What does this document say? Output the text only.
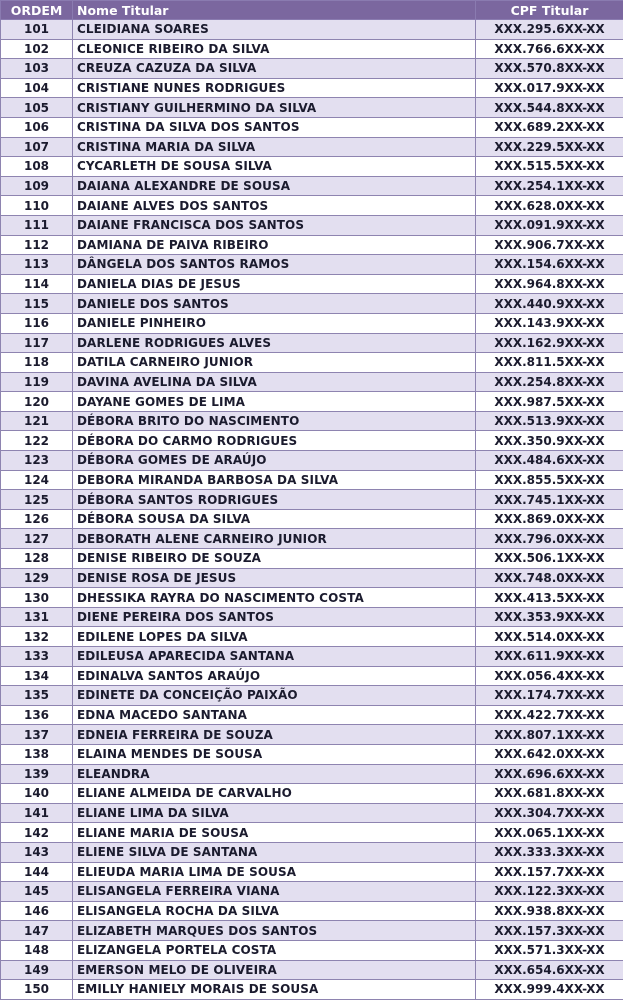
ORDEM	Nome Titular	CPF Titular
101	CLEIDIANA SOARES	XXX.295.6XX-XX
102	CLEONICE RIBEIRO DA SILVA	XXX.766.6XX-XX
103	CREUZA CAZUZA DA SILVA	XXX.570.8XX-XX
104	CRISTIANE NUNES RODRIGUES	XXX.017.9XX-XX
105	CRISTIANY GUILHERMINO DA SILVA	XXX.544.8XX-XX
106	CRISTINA DA SILVA DOS SANTOS	XXX.689.2XX-XX
107	CRISTINA MARIA DA SILVA	XXX.229.5XX-XX
108	CYCARLETH DE SOUSA SILVA	XXX.515.5XX-XX
109	DAIANA ALEXANDRE DE SOUSA	XXX.254.1XX-XX
110	DAIANE ALVES DOS SANTOS	XXX.628.0XX-XX
111	DAIANE FRANCISCA DOS SANTOS	XXX.091.9XX-XX
112	DAMIANA DE PAIVA RIBEIRO	XXX.906.7XX-XX
113	DÂNGELA DOS SANTOS RAMOS	XXX.154.6XX-XX
114	DANIELA DIAS DE JESUS	XXX.964.8XX-XX
115	DANIELE DOS SANTOS	XXX.440.9XX-XX
116	DANIELE PINHEIRO	XXX.143.9XX-XX
117	DARLENE RODRIGUES ALVES	XXX.162.9XX-XX
118	DATILA CARNEIRO JUNIOR	XXX.811.5XX-XX
119	DAVINA AVELINA DA SILVA	XXX.254.8XX-XX
120	DAYANE GOMES DE LIMA	XXX.987.5XX-XX
121	DÉBORA BRITO DO NASCIMENTO	XXX.513.9XX-XX
122	DÉBORA DO CARMO RODRIGUES	XXX.350.9XX-XX
123	DÉBORA GOMES DE ARAÚJO	XXX.484.6XX-XX
124	DEBORA MIRANDA BARBOSA DA SILVA	XXX.855.5XX-XX
125	DÉBORA SANTOS RODRIGUES	XXX.745.1XX-XX
126	DÉBORA SOUSA DA SILVA	XXX.869.0XX-XX
127	DEBORATH ALENE CARNEIRO JUNIOR	XXX.796.0XX-XX
128	DENISE RIBEIRO DE SOUZA	XXX.506.1XX-XX
129	DENISE ROSA DE JESUS	XXX.748.0XX-XX
130	DHESSIKA RAYRA DO NASCIMENTO COSTA	XXX.413.5XX-XX
131	DIENE PEREIRA DOS SANTOS	XXX.353.9XX-XX
132	EDILENE LOPES DA SILVA	XXX.514.0XX-XX
133	EDILEUSA APARECIDA SANTANA	XXX.611.9XX-XX
134	EDINALVA SANTOS ARAÚJO	XXX.056.4XX-XX
135	EDINETE DA CONCEIÇÃO PAIXÃO	XXX.174.7XX-XX
136	EDNA MACEDO SANTANA	XXX.422.7XX-XX
137	EDNEIA FERREIRA DE SOUZA	XXX.807.1XX-XX
138	ELAINA MENDES DE SOUSA	XXX.642.0XX-XX
139	ELEANDRA	XXX.696.6XX-XX
140	ELIANE ALMEIDA DE CARVALHO	XXX.681.8XX-XX
141	ELIANE LIMA DA SILVA	XXX.304.7XX-XX
142	ELIANE MARIA DE SOUSA	XXX.065.1XX-XX
143	ELIENE SILVA DE SANTANA	XXX.333.3XX-XX
144	ELIEUDA MARIA LIMA DE SOUSA	XXX.157.7XX-XX
145	ELISANGELA FERREIRA VIANA	XXX.122.3XX-XX
146	ELISANGELA ROCHA DA SILVA	XXX.938.8XX-XX
147	ELIZABETH MARQUES DOS SANTOS	XXX.157.3XX-XX
148	ELIZANGELA PORTELA COSTA	XXX.571.3XX-XX
149	EMERSON MELO DE OLIVEIRA	XXX.654.6XX-XX
150	EMILLY HANIELY MORAIS DE SOUSA	XXX.999.4XX-XX
